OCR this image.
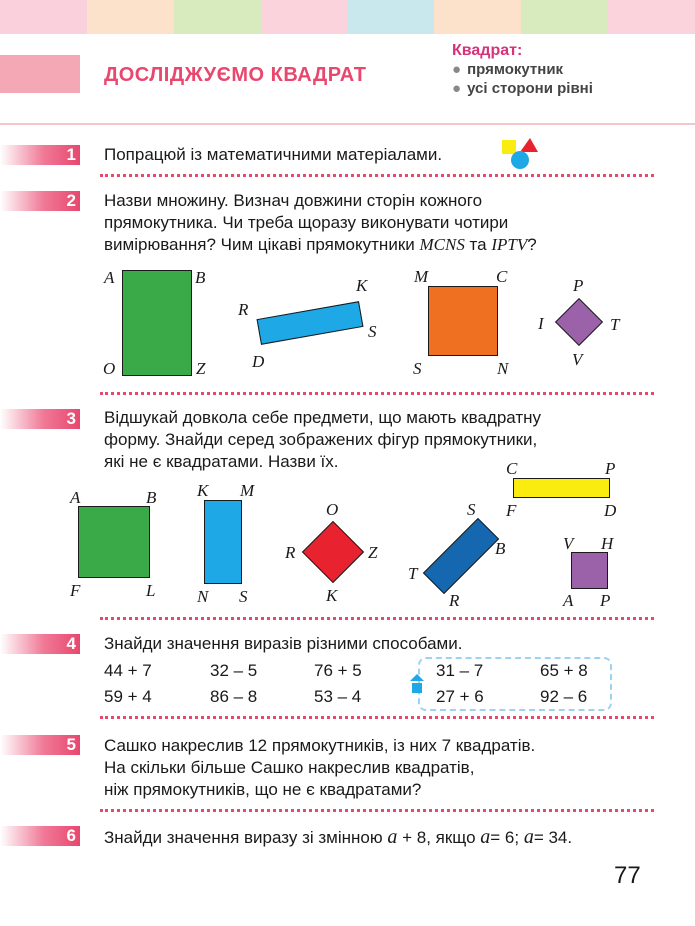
ДОСЛІДЖУЄМО КВАДРАТ
Квадрат:
● прямокутник
● усі сторони рівні
1 Попрацюй із математичними матеріалами.
2 Назви множину. Визнач довжини сторін кожного
прямокутника. Чи треба щоразу виконувати чотири
вимірювання? Чим цікаві прямокутники MCNS та IPTV?
A	B
O	Z
R
K
S
D
M	C
S	N
P
I	T
V
3 Відшукай довкола себе предмети, що мають квадратну
форму. Знайди серед зображених фігур прямокутники,
які не є квадратами. Назви їх.
A	B
F	L
K M
N S
O
R	Z
K
S
B
T
R
C	P
F	D
V H
A P
4 Знайди значення виразів різними способами.
44 + 7	32 – 5	76 + 5	31 – 7	65 + 8
59 + 4	86 – 8	53 – 4	27 + 6	92 – 6
5 Сашко накреслив 12 прямокутників, із них 7 квадратів.
На скільки більше Сашко накреслив квадратів,
ніж прямокутників, що не є квадратами?
6 Знайди значення виразу зі змінною a + 8, якщо a= 6; a= 34.
77
